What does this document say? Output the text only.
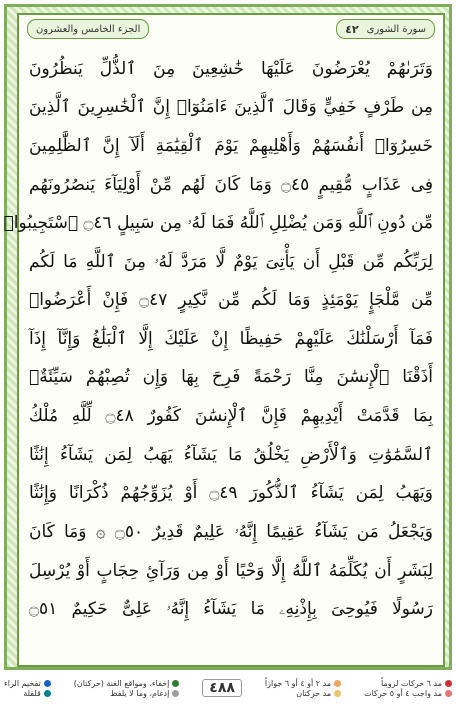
الجزء الخامس والعشرون	سورة الشورى
٤٢
وَتَرَىٰهُمْ يُعْرَضُونَ عَلَيْهَا خَٰشِعِينَ مِنَ ٱلذُّلِّ يَنظُرُونَ
مِن طَرْفٍ خَفِيٍّ وَقَالَ ٱلَّذِينَ ءَامَنُوٓا۟ إِنَّ ٱلْخَٰسِرِينَ ٱلَّذِينَ
خَسِرُوٓا۟ أَنفُسَهُمْ وَأَهْلِيهِمْ يَوْمَ ٱلْقِيَٰمَةِ أَلَآ إِنَّ ٱلظَّٰلِمِينَ
فِى عَذَابٍ مُّقِيمٍ ۝٤٥ وَمَا كَانَ لَهُم مِّنْ أَوْلِيَآءَ يَنصُرُونَهُم
مِّن دُونِ ٱللَّهِ وَمَن يُضْلِلِ ٱللَّهُ فَمَا لَهُۥ مِن سَبِيلٍ ۝٤٦ ٱسْتَجِيبُوا۟
لِرَبِّكُم مِّن قَبْلِ أَن يَأْتِىَ يَوْمٌ لَّا مَرَدَّ لَهُۥ مِنَ ٱللَّهِ مَا لَكُم
مِّن مَّلْجَإٍ يَوْمَئِذٍ وَمَا لَكُم مِّن نَّكِيرٍ ۝٤٧ فَإِنْ أَعْرَضُوا۟
فَمَآ أَرْسَلْنَٰكَ عَلَيْهِمْ حَفِيظًا إِنْ عَلَيْكَ إِلَّا ٱلْبَلَٰغُ وَإِنَّآ إِذَآ
أَذَقْنَا ٱلْإِنسَٰنَ مِنَّا رَحْمَةً فَرِحَ بِهَا وَإِن تُصِبْهُمْ سَيِّئَةٌۢ
بِمَا قَدَّمَتْ أَيْدِيهِمْ فَإِنَّ ٱلْإِنسَٰنَ كَفُورٌ ۝٤٨ لِّلَّهِ مُلْكُ
ٱلسَّمَٰوَٰتِ وَٱلْأَرْضِ يَخْلُقُ مَا يَشَآءُ يَهَبُ لِمَن يَشَآءُ إِنَٰثًا
وَيَهَبُ لِمَن يَشَآءُ ٱلذُّكُورَ ۝٤٩ أَوْ يُزَوِّجُهُمْ ذُكْرَانًا وَإِنَٰثًا
وَيَجْعَلُ مَن يَشَآءُ عَقِيمًا إِنَّهُۥ عَلِيمٌ قَدِيرٌ ۝٥٠ ۞ وَمَا كَانَ
لِبَشَرٍ أَن يُكَلِّمَهُ ٱللَّهُ إِلَّا وَحْيًا أَوْ مِن وَرَآئِ حِجَابٍ أَوْ يُرْسِلَ
رَسُولًا فَيُوحِىَ بِإِذْنِهِۦ مَا يَشَآءُ إِنَّهُۥ عَلِىٌّ حَكِيمٌ ۝٥١
مد ٦ حركات لزوماً
مد واجب ٤ أو ٥ حركات
مد ٢ أو ٤ أو ٦ جوازاً
مد حركتان
٤٨٨
إخفاء، ومواقع الغنة (حركتان)
إدغام، وما لا يلفظ
تفخيم الراء
قلقلة
